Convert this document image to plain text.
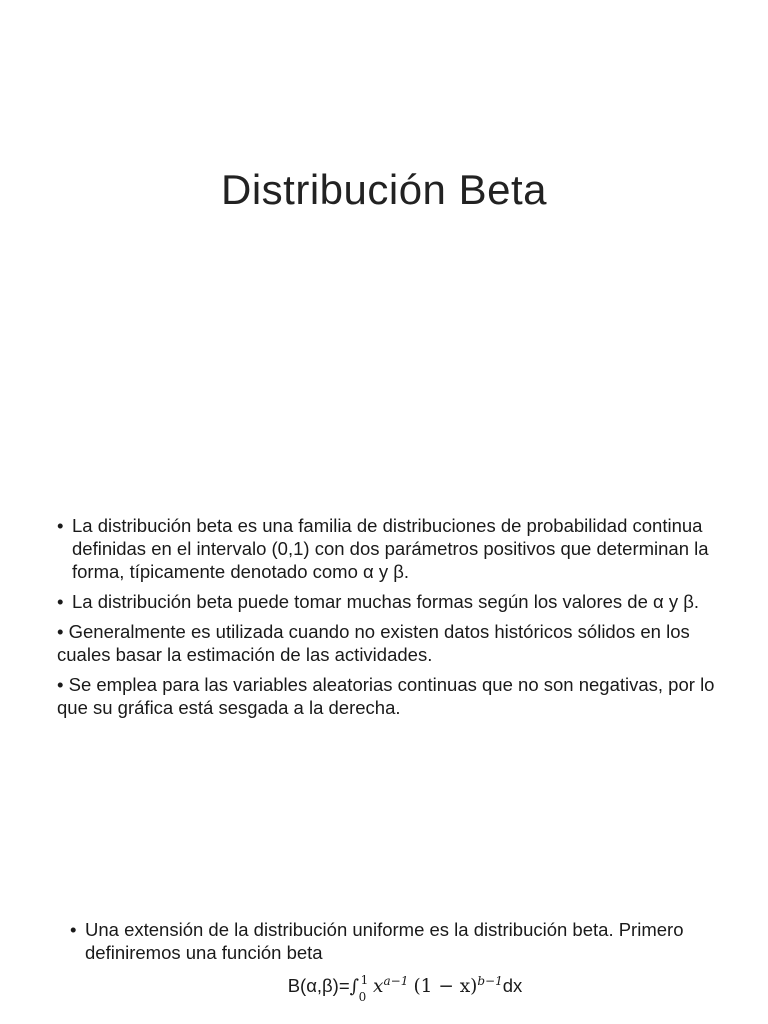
Distribución Beta
• La distribución beta es una familia de distribuciones de probabilidad continua definidas en el intervalo (0,1) con dos parámetros positivos que determinan la forma, típicamente denotado como α y β.
• La distribución beta puede tomar muchas formas según los valores de α y β.
• Generalmente es utilizada cuando no existen datos históricos sólidos en los cuales basar la estimación de las actividades.
• Se emplea para las variables aleatorias continuas que no son negativas, por lo que su gráfica está sesgada a la derecha.
• Una extensión de la distribución uniforme es la distribución beta. Primero definiremos una función beta
B(α,β)=∫ 1
0 $x^{a-1}$ $(1 - x)^{b-1}dx$
